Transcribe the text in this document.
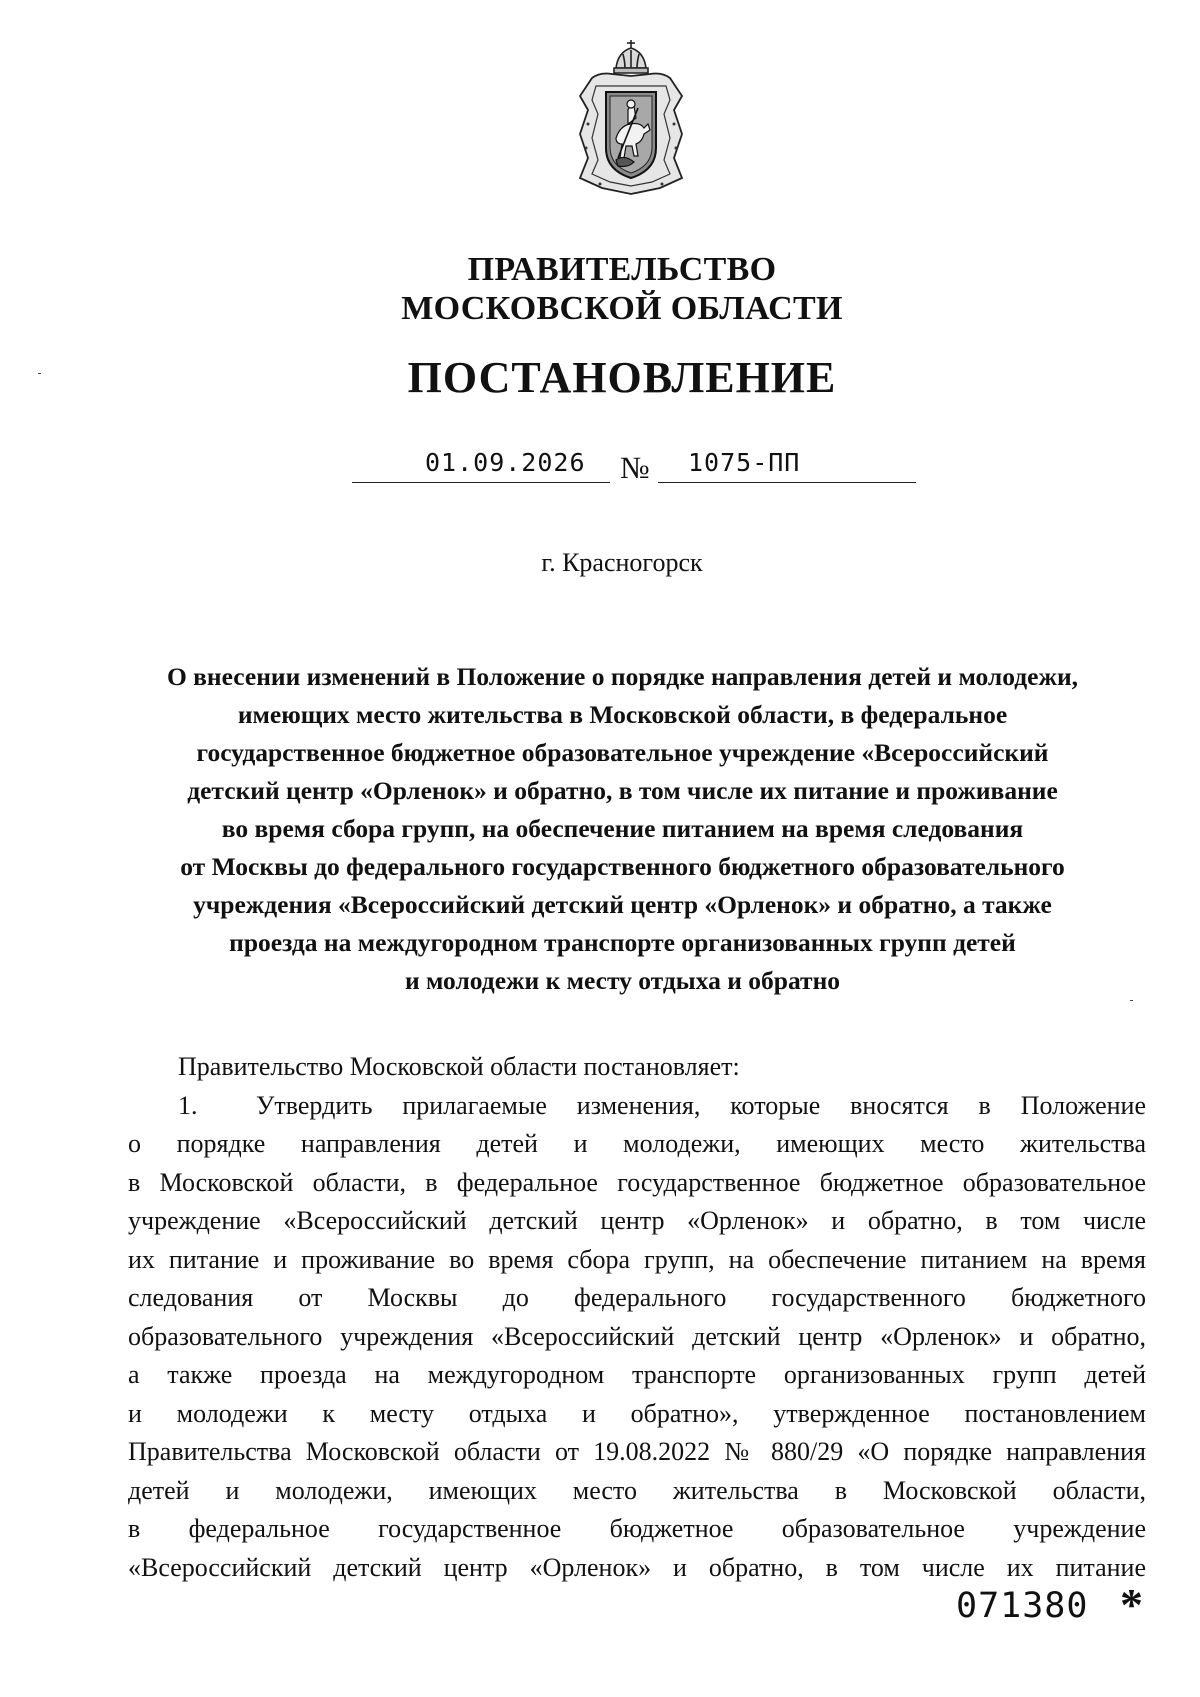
ПРАВИТЕЛЬСТВО
МОСКОВСКОЙ ОБЛАСТИ
ПОСТАНОВЛЕНИЕ
01.09.2026 № 1075-ПП
г. Красногорск
О внесении изменений в Положение о порядке направления детей и молодежи,
имеющих место жительства в Московской области, в федеральное
государственное бюджетное образовательное учреждение «Всероссийский
детский центр «Орленок» и обратно, в том числе их питание и проживание
во время сбора групп, на обеспечение питанием на время следования
от Москвы до федерального государственного бюджетного образовательного
учреждения «Всероссийский детский центр «Орленок» и обратно, а также
проезда на междугородном транспорте организованных групп детей
и молодежи к месту отдыха и обратно
Правительство Московской области постановляет:
1. Утвердить прилагаемые изменения, которые вносятся в Положение
о порядке направления детей и молодежи, имеющих место жительства
в Московской области, в федеральное государственное бюджетное образовательное
учреждение «Всероссийский детский центр «Орленок» и обратно, в том числе
их питание и проживание во время сбора групп, на обеспечение питанием на время
следования от Москвы до федерального государственного бюджетного
образовательного учреждения «Всероссийский детский центр «Орленок» и обратно,
а также проезда на междугородном транспорте организованных групп детей
и молодежи к месту отдыха и обратно», утвержденное постановлением
Правительства Московской области от 19.08.2022 № 880/29 «О порядке направления
детей и молодежи, имеющих место жительства в Московской области,
в федеральное государственное бюджетное образовательное учреждение
«Всероссийский детский центр «Орленок» и обратно, в том числе их питание
071380 *
